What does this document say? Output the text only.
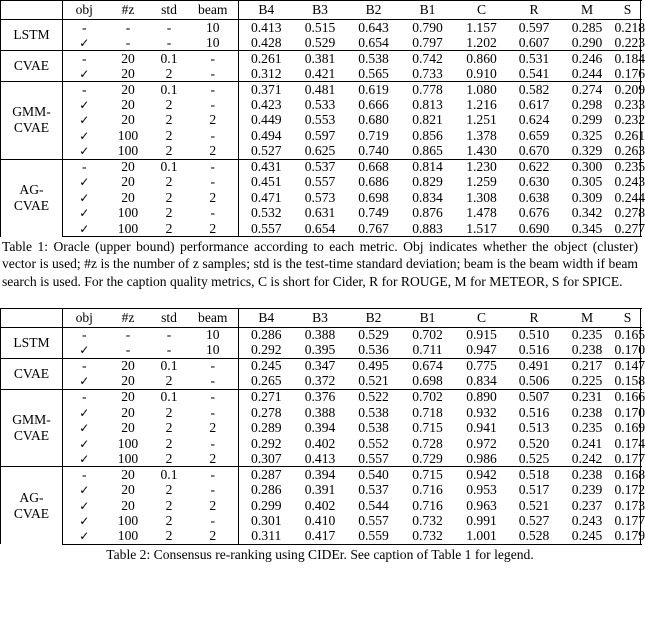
	obj	#z	std	beam	B4	B3	B2	B1	C	R	M	S	
LSTM	-	-	-	10	0.413	0.515	0.643	0.790	1.157	0.597	0.285	0.218	
	✓	-	-	10	0.428	0.529	0.654	0.797	1.202	0.607	0.290	0.223	
CVAE	-	20	0.1	-	0.261	0.381	0.538	0.742	0.860	0.531	0.246	0.184	
	✓	20	2	-	0.312	0.421	0.565	0.733	0.910	0.541	0.244	0.176	
GMM-
CVAE	-	20	0.1	-	0.371	0.481	0.619	0.778	1.080	0.582	0.274	0.209	
	✓	20	2	-	0.423	0.533	0.666	0.813	1.216	0.617	0.298	0.233	
	✓	20	2	2	0.449	0.553	0.680	0.821	1.251	0.624	0.299	0.232	
	✓	100	2	-	0.494	0.597	0.719	0.856	1.378	0.659	0.325	0.261	
	✓	100	2	2	0.527	0.625	0.740	0.865	1.430	0.670	0.329	0.263	
AG-
CVAE	-	20	0.1	-	0.431	0.537	0.668	0.814	1.230	0.622	0.300	0.235	
	✓	20	2	-	0.451	0.557	0.686	0.829	1.259	0.630	0.305	0.243	
	✓	20	2	2	0.471	0.573	0.698	0.834	1.308	0.638	0.309	0.244	
	✓	100	2	-	0.532	0.631	0.749	0.876	1.478	0.676	0.342	0.278	
	✓	100	2	2	0.557	0.654	0.767	0.883	1.517	0.690	0.345	0.277	

Table 1: Oracle (upper bound) performance according to each metric. Obj indicates whether the object (cluster) vector is used; #z is the number of z samples; std is the test-time standard deviation; beam is the beam width if beam search is used. For the caption quality metrics, C is short for Cider, R for ROUGE, M for METEOR, S for SPICE.

	obj	#z	std	beam	B4	B3	B2	B1	C	R	M	S	
LSTM	-	-	-	10	0.286	0.388	0.529	0.702	0.915	0.510	0.235	0.165	
	✓	-	-	10	0.292	0.395	0.536	0.711	0.947	0.516	0.238	0.170	
CVAE	-	20	0.1	-	0.245	0.347	0.495	0.674	0.775	0.491	0.217	0.147	
	✓	20	2	-	0.265	0.372	0.521	0.698	0.834	0.506	0.225	0.158	
GMM-
CVAE	-	20	0.1	-	0.271	0.376	0.522	0.702	0.890	0.507	0.231	0.166	
	✓	20	2	-	0.278	0.388	0.538	0.718	0.932	0.516	0.238	0.170	
	✓	20	2	2	0.289	0.394	0.538	0.715	0.941	0.513	0.235	0.169	
	✓	100	2	-	0.292	0.402	0.552	0.728	0.972	0.520	0.241	0.174	
	✓	100	2	2	0.307	0.413	0.557	0.729	0.986	0.525	0.242	0.177	
AG-
CVAE	-	20	0.1	-	0.287	0.394	0.540	0.715	0.942	0.518	0.238	0.168	
	✓	20	2	-	0.286	0.391	0.537	0.716	0.953	0.517	0.239	0.172	
	✓	20	2	2	0.299	0.402	0.544	0.716	0.963	0.521	0.237	0.173	
	✓	100	2	-	0.301	0.410	0.557	0.732	0.991	0.527	0.243	0.177	
	✓	100	2	2	0.311	0.417	0.559	0.732	1.001	0.528	0.245	0.179	

Table 2: Consensus re-ranking using CIDEr. See caption of Table 1 for legend.
